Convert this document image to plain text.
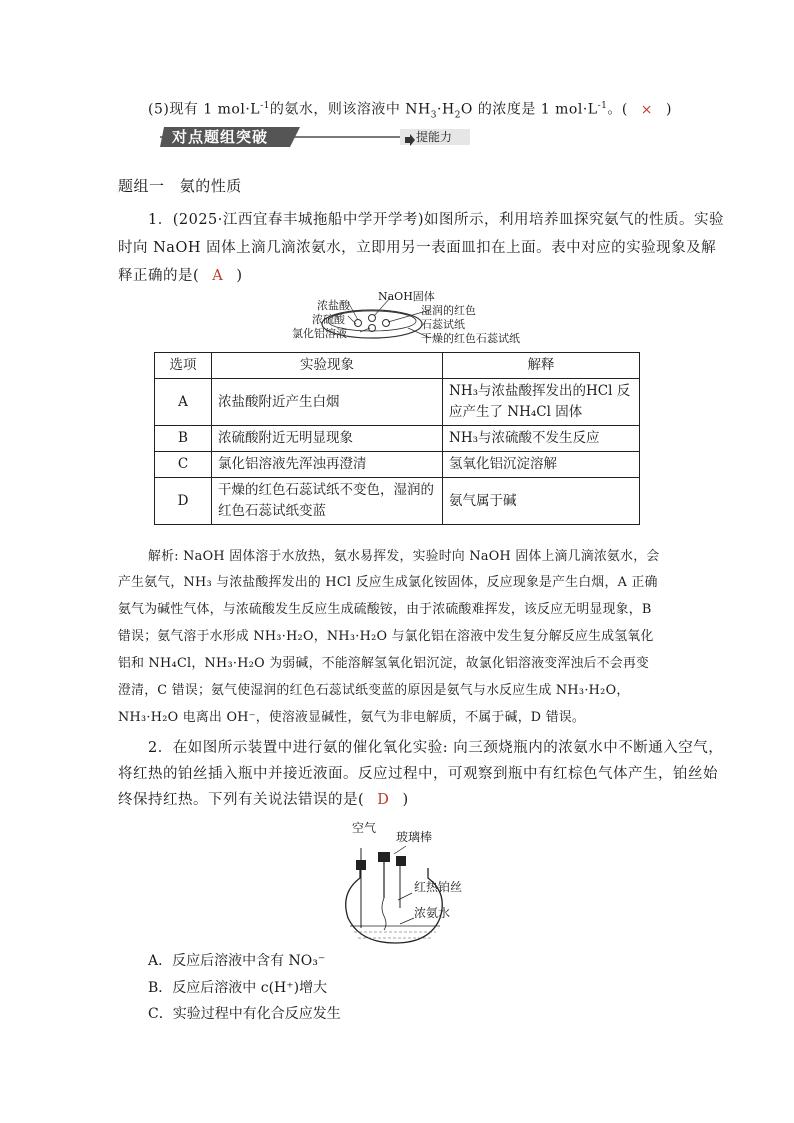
(5)现有 1 $mol\cdot L^{-1}$的氨水，则该溶液中 $NH_3\cdot H_2O$ 的浓度是 1 $mol\cdot L^{-1}$。( × )
对点题组突破	提能力
题组一 氨的性质
1．(2025·江西宜春丰城拖船中学开学考)如图所示，利用培养皿探究氨气的性质。实验
时向 NaOH 固体上滴几滴浓氨水，立即用另一表面皿扣在上面。表中对应的实验现象及解
释正确的是( A )
浓盐酸
浓硫酸
氯化铝溶液
NaOH固体
湿润的红色
石蕊试纸
干燥的红色石蕊试纸
选项	实验现象	解释
A	浓盐酸附近产生白烟	NH₃与浓盐酸挥发出的HCl 反
应产生了 NH₄Cl 固体

B	浓硫酸附近无明显现象	NH₃与浓硫酸不发生反应
C	氯化铝溶液先浑浊再澄清	氢氧化铝沉淀溶解
D	干燥的红色石蕊试纸不变色，湿润的
红色石蕊试纸变蓝	氨气属于碱
解析: NaOH 固体溶于水放热，氨水易挥发，实验时向 NaOH 固体上滴几滴浓氨水，会
产生氨气，NH₃ 与浓盐酸挥发出的 HCl 反应生成氯化铵固体，反应现象是产生白烟，A 正确
氨气为碱性气体，与浓硫酸发生反应生成硫酸铵，由于浓硫酸难挥发，该反应无明显现象，B
错误；氨气溶于水形成 NH₃·H₂O，NH₃·H₂O 与氯化铝在溶液中发生复分解反应生成氢氧化
铝和 NH₄Cl，NH₃·H₂O 为弱碱，不能溶解氢氧化铝沉淀，故氯化铝溶液变浑浊后不会再变
澄清，C 错误；氨气使湿润的红色石蕊试纸变蓝的原因是氨气与水反应生成 NH₃·H₂O，
NH₃·H₂O 电离出 OH⁻，使溶液显碱性，氨气为非电解质，不属于碱，D 错误。
2．在如图所示装置中进行氨的催化氧化实验: 向三颈烧瓶内的浓氨水中不断通入空气，
将红热的铂丝插入瓶中并接近液面。反应过程中，可观察到瓶中有红棕色气体产生，铂丝始
终保持红热。下列有关说法错误的是( D )
空气
玻璃棒
红热铂丝
浓氨水
A．反应后溶液中含有 NO₃⁻
B．反应后溶液中 c(H⁺)增大
C．实验过程中有化合反应发生
